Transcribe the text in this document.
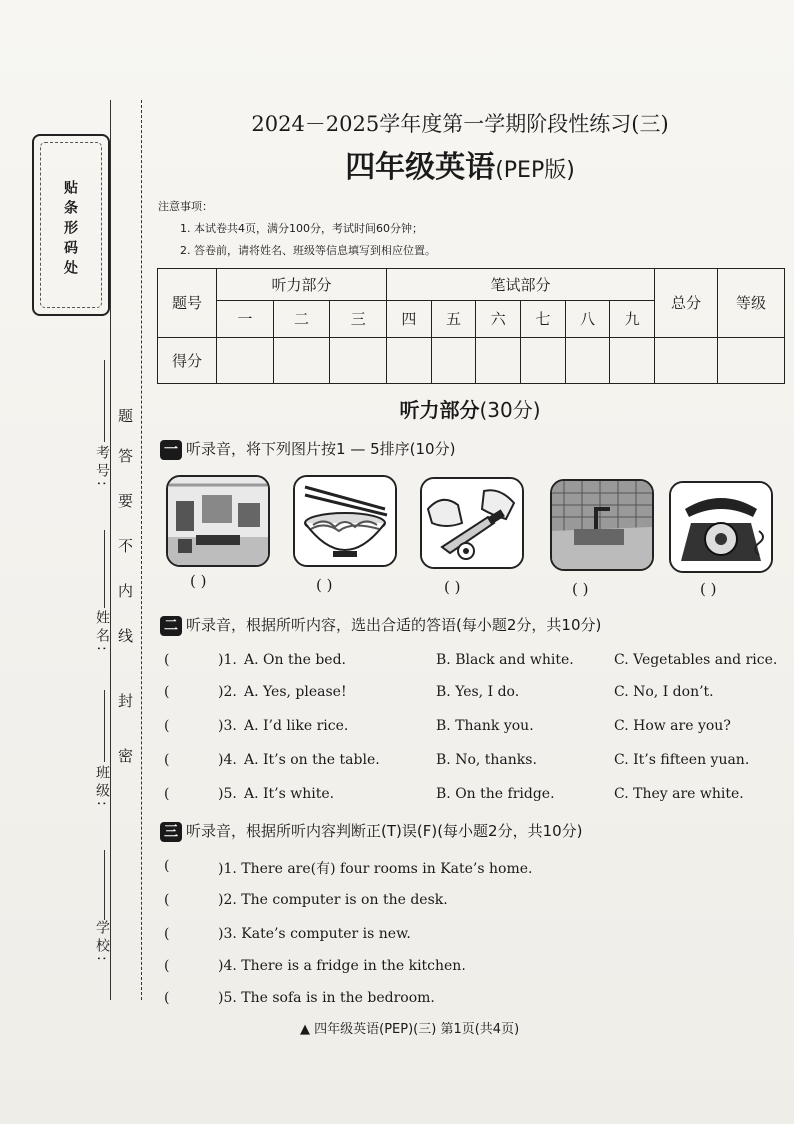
贴条形码处
学校:
班级:
姓名:
考号:
题
答
要
不
内
线
封
密
2024－2025学年度第一学期阶段性练习(三)
四年级英语(PEP版)
注意事项：
1. 本试卷共4页，满分100分，考试时间60分钟；
2. 答卷前，请将姓名、班级等信息填写到相应位置。
题号	听力部分			笔试部分						总分	等级
	一	二	三	四	五	六	七	八	九		
得分											
听力部分(30分)
一 听录音，将下列图片按1 — 5排序(10分)
( )	( )	( )	( )	( )
二 听录音，根据所听内容，选出合适的答语(每小题2分，共10分)
(	)1. A. On the bed.	B. Black and white.	C. Vegetables and rice.
(	)2. A. Yes, please!	B. Yes, I do.	C. No, I don’t.
(	)3. A. I’d like rice.	B. Thank you.	C. How are you?
(	)4. A. It’s on the table.	B. No, thanks.	C. It’s fifteen yuan.
(	)5. A. It’s white.	B. On the fridge.	C. They are white.
三 听录音，根据所听内容判断正(T)误(F)(每小题2分，共10分)
(	)1. There are(有) four rooms in Kate’s home.
(	)2. The computer is on the desk.
(	)3. Kate’s computer is new.
(	)4. There is a fridge in the kitchen.
(	)5. The sofa is in the bedroom.
▲ 四年级英语(PEP)(三) 第1页(共4页)
